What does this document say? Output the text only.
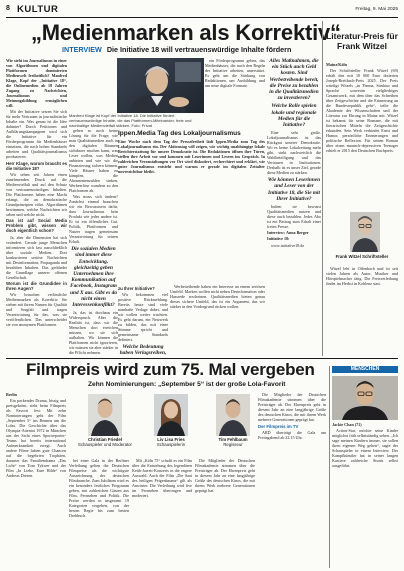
8 KULTUR	Freitag, 9. Mai 2025
„Medienmarken als Korrektiv“
INTERVIEW Die Initiative 18 will vertrauenswürdige Inhalte fördern
Literatur-Preis für Frank Witzel

Mainz/Köln

Der Schriftsteller Frank Witzel (69) erhält den mit 10 000 Euro dotierten Joseph-Breitbach-Preis 2025. Der Preis würdigt Witzels „in Thema, Struktur und Sprache souverän vielgliedriges Gesamtwerk, mit dem über das Schreiben über Zeitgeschichte und die Erinnerung an die Bundesrepublik geht“, teilte die Akademie der Wissenschaften und der Literatur zur Ehrung in Mainz mit. Witzel ist bekannt für seine Romane, die mit literarischen Mitteln die Zeitgeschichte erkunden. Sein Werk verbindet Ernst und Humor, persönliche Erinnerungen und politische Reflexion. Für seinen Roman über einen manisch-depressiven Teenager erhielt er 2015 den Deutschen Buchpreis.

Frank Witzel Schriftsteller

Witzel lebt in Offenbach und ist seit vielen Jahren als Autor, Musiker und Hörspielmacher tätig. Die Preisverleihung findet im Herbst in Koblenz statt.

Wie sieht im Journalismus in einer von Algorithmen und digitalen Plattformen dominierten Medienwelt freiheitlich? Manfred Klage, Kopf der „Initiative 18“, die Onlinemedien ab 18 Jahren Zugang zu Nachrichten, Journalismus und Meinungsbildung ermöglichen will.

Mit der Initiative setzen Sie sich für mehr Vertrauen in journalistische Inhalte ein. Was genau ist die Idee dahinter? Durch Petitionen und Aufklärungskampagnen wird sich die Initiative für ein Förderprogramm für Medienhäuser einsetzen, die nach hohen Standards arbeiten und Qualitätsjournalismus produzieren.

Herr Klage, warum braucht es die Initiative 18?

Wir sehen seit Jahren einen zunehmenden Druck auf die Medienvielfalt und auf den Schutz von vertrauenswürdigen Inhalten. Die Plattformen haben eine Macht erlangt, die an demokratische Grundprinzipien rührt. Algorithmen bestimmen, welche Nachrichten wir sehen und welche nicht.

Das ist auf Social Media Problem gibt, wissen wir doch eigentlich schon?

Ja, aber die Dimension hat sich verändert. Gerade junge Menschen informieren sich fast ausschließlich über soziale Medien. Dort konkurrieren seriöse Nachrichten mit Desinformation, Propaganda und bezahlten Inhalten. Das gefährdet die Grundlage unserer offenen Gesellschaft.

Worum ist die Grundidee in Ihren Augen?

Wir brauchen verlässliche Medienmarken als Korrektiv. Sie stehen mit ihrem Namen für Qualität und Sorgfalt und tragen Verantwortung für das, was sie veröffentlichen. Das unterscheidet sie von anonymen Plattformen.

Manfred Klage ist Kopf der Initiative 18. Die Initiative fördert vertrauenswürdige Inhalte, die das Plattformen-Miteinander, freie und nachhaltige Medienvielfalt stärken. Foto: Privat

gehen so noch keine Lösung für die Frage, wie man Qualitätsmedien auch in den digitalen Räumen sichtbarer machen kann, was Leser wollen, was Medien anbieten und wie wir die Finanzierung sichern können. Viele Häuser haben zu kämpfen, die Abonnentenzahlen sinken, Werbeerlöse wandern zu den Plattformen ab.

Was muss sich ändern? Zunächst einmal brauchen wir ein Bewusstsein dafür, dass Journalismus kein Produkt wie jedes andere ist. Er ist ein öffentliches Gut. Politik, Plattformen und Nutzer tragen gemeinsam Verantwortung für seinen Erhalt.

Die sozialen Medien sind immer diese Entwicklung, gleichzeitig geben Unternehmen ihre Kommunikation auf Facebook, Instagram und X aus. Gibt es da nicht einen Interessenkonflikt?

Ja, das ist durchaus ein Widerspruch. Aber die Realität ist, dass wir die Menschen dort erreichen müssen, wo sie sich aufhalten. Wir können die Plattformen nicht ignorieren, wir müssen sie aber stärker in die Pflicht nehmen.

Ippen.Media Tag des Lokaljournalismus

Eine Woche nach dem Tag der Pressefreiheit lädt Ippen.Media zum Tag des Lokaljournalismus ein. Der Aktionstag will zeigen, wie wichtig unabhängige lokale Berichterstattung für unsere Demokratie ist. Die Redaktionen öffnen ihre Türen, stellen ihre Arbeit vor und kommen mit Leserinnen und Lesern ins Gespräch. In zahlreichen Veranstaltungen vor Ort wird diskutiert, recherchiert und erklärt, wie guter Journalismus entsteht und warum er gerade im digitalen Zeitalter unverzichtbar bleibt.

zu Ihrer Initiative?

Wir bekommen viel positive Rückmeldung. Bereits heute sind viele namhafte Verlage dabei, und wir wollen weiter wachsen. Es geht darum, ein Netzwerk zu bilden, das mit einer Stimme spricht und gemeinsame Standards definiert.

Welche Bedeutung haben Verlagsreihen,

ein Förderprogramm geben, das Medienhäuser, die nach den Regeln der Initiative arbeiten, unterstützt. Es geht um die Stärkung von Redaktionen, um Ausbildung und um neue digitale Formate.

Werbetreibende haben ein Interesse an einem seriösen Umfeld. Marken wollen nicht neben Desinformation oder Hassrede erscheinen. Qualitätsmedien bieten genau dieses sichere Umfeld, das ist ein Argument, das wir stärker in den Vordergrund rücken wollen.

Alles Maßnahmen, die ein Stück auch Geld kosten. Sind Werbetreibende bereit, die Preise zu bezahlen in die Qualitätsmedien zu investieren?
Welche Rolle spielen lokale und regionale Medien für die Initiative?

Eine sehr große. Lokaljournalismus ist das Rückgrat unserer Demokratie. Wo es keine Lokalzeitung mehr gibt, sinkt nachweislich die Wahlbeteiligung und das Vertrauen in Institutionen. Deshalb ist es unser Ziel, gerade diese Medien zu stärken.

Wie können Leserinnen und Leser von der Initiative 18, die Sie mit Ihrer Initiative?

Indem sie bewusst Qualitätsmedien nutzen und diese auch bezahlen. Jedes Abo ist ein Beitrag zum Erhalt einer freien Presse.

Interview: Anna Berger

Initiative 18:

www.initiative18.de

Filmpreis wird zum 75. Mal vergeben
Zehn Nominierungen: „September 5“ ist der große Lola-Favorit
MENSCHEN

Jackie Chan (71)

Action-Star, möchte seine Kinder möglichst früh selbstständig sehen. „Ich sage meinen Kindern immer, sie sollen ihren eigenen Weg gehen“, sagte der Schauspieler in einem Interview. Der Kampfkünstler hat in seiner langen Karriere zahlreiche Stunts selbst ausgeführt.

Berlin

Ein packendes Drama, bissig und preisgekrönt, steht beim Filmpreis als Favorit fest: Mit zehn Nominierungen geht der Film „September 5“ ins Rennen um die Lolas. Die Geschichte über das Olympia-Attentat 1972 in München aus der Sicht eines Sportreporter-Teams hat bereits international Aufmerksamkeit erregt. Auch andere Filme haben gute Chancen auf die begehrten Trophäen, darunter das Familiendrama „Das Licht“ von Tom Tykwer und der Film „In Liebe, Eure Hilde“ von Andreas Dresen.

bei einer Gala in der Berliner Verleihung gelten die Deutschen Filmpreise als die wichtigste Auszeichnung der deutschen Filmbranche. Zum Jubiläum wird es ein besonders festliches Programm geben, mit zahlreichen Gästen aus Film, Fernsehen und Politik. Die Preise werden in insgesamt 19 Kategorien vergeben, von der besten Regie bis zum besten Drehbuch.

Mit „Köln 75“ schafft es ein Film über die Entstehung des legendären Keith-Jarrett-Konzerts in die engere Auswahl. Auch der Film „Die Saat des heiligen Feigenbaums“ gilt als Anwärter. Die Verleihung wird live im Fernsehen übertragen und moderiert.

Die Mitglieder der Deutschen Filmakademie stimmen über die Preisträger ab. Der Ehrenpreis geht in diesem Jahr an eine langjährige Größe des deutschen Kinos, die mit ihrem Werk mehrere Generationen geprägt hat.

Die Mitglieder der Deutschen Filmakademie stimmen über die Preisträger ab. Der Ehrenpreis geht in diesem Jahr an eine langjährige Größe des deutschen Kinos, die mit ihrem Werk mehrere Generationen geprägt hat.

Der Filmpreis im TV

ARD überträgt die Gala am Freitagabend ab 22.15 Uhr.

Christian Friedel
Schauspieler und Moderator
Liv Lisa Fries
Schauspielerin
Tim Fehlbaum
Regisseur
